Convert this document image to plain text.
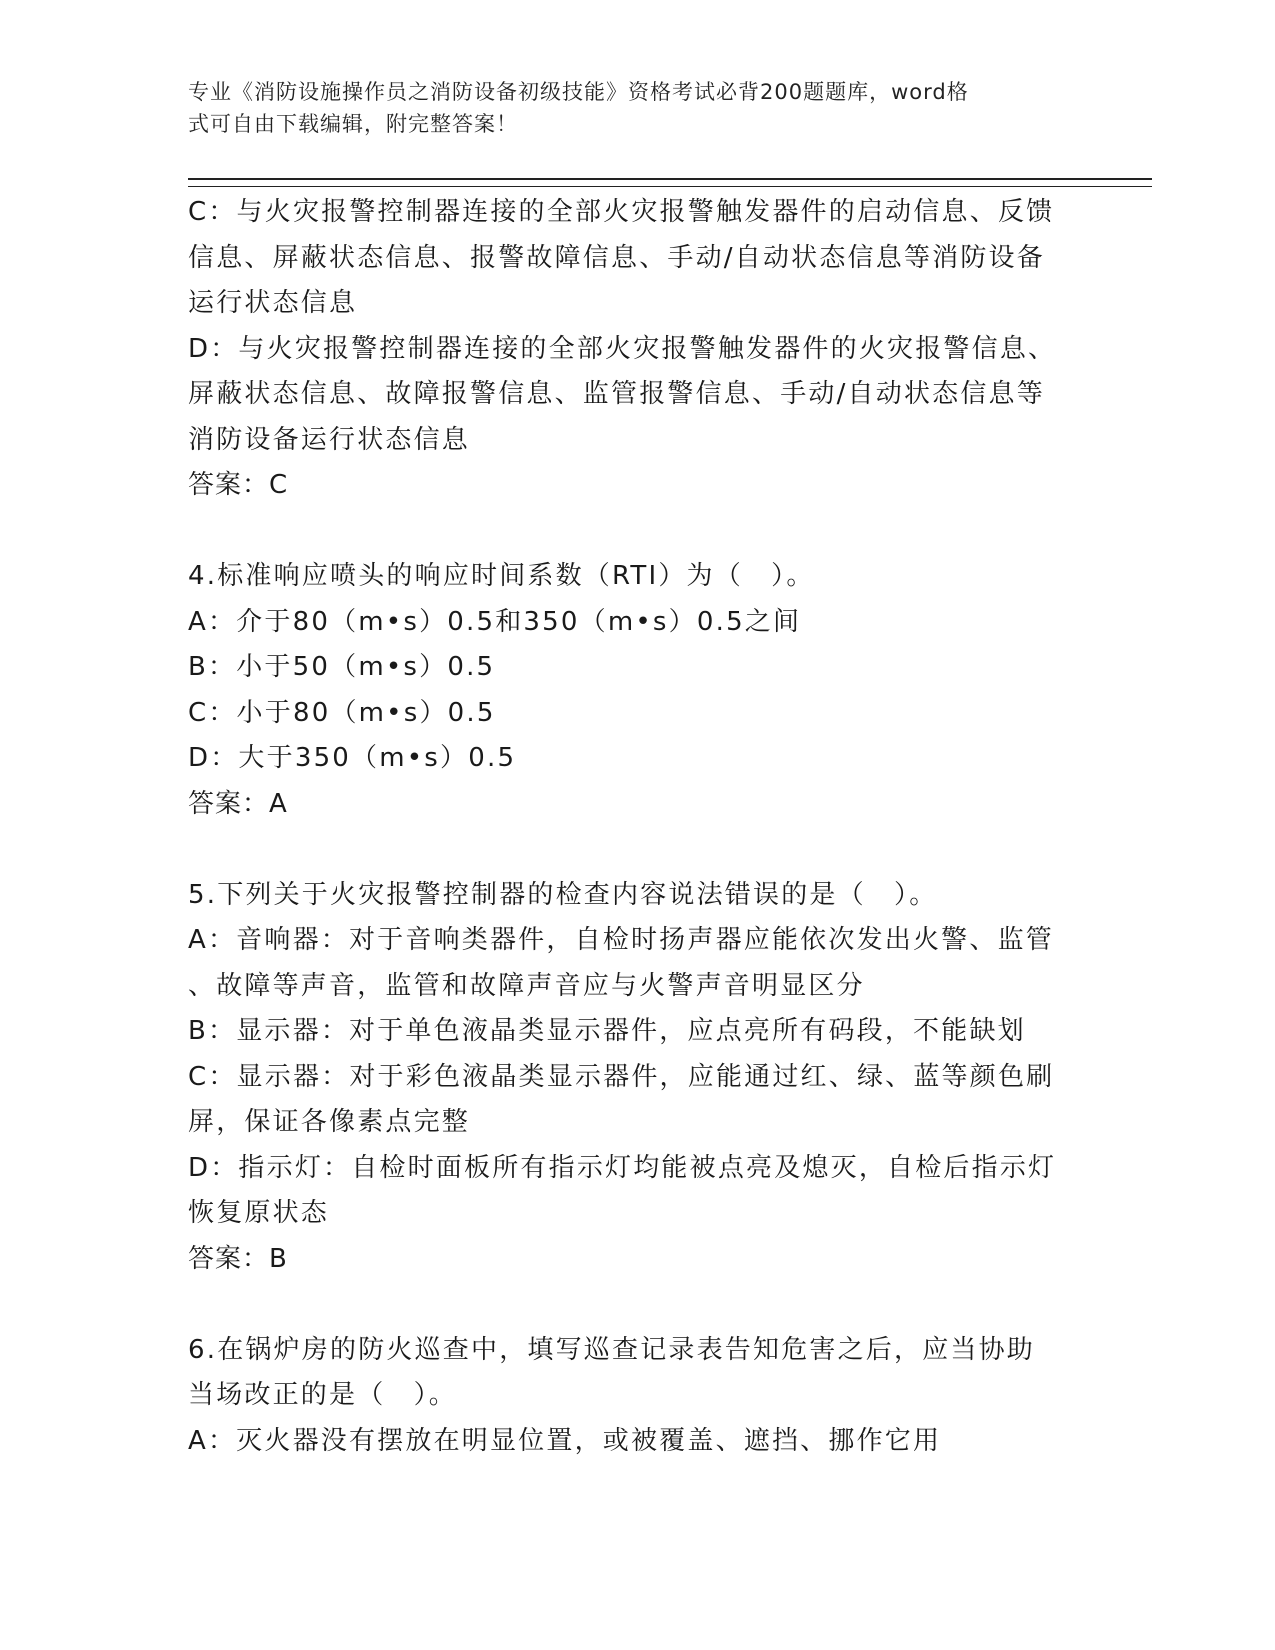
专业《消防设施操作员之消防设备初级技能》资格考试必背200题题库，word格
式可自由下载编辑，附完整答案！
C：与火灾报警控制器连接的全部火灾报警触发器件的启动信息、反馈
信息、屏蔽状态信息、报警故障信息、手动/自动状态信息等消防设备
运行状态信息
D：与火灾报警控制器连接的全部火灾报警触发器件的火灾报警信息、
屏蔽状态信息、故障报警信息、监管报警信息、手动/自动状态信息等
消防设备运行状态信息
答案：C
4.标准响应喷头的响应时间系数（RTI）为（　）。
A：介于80（m•s）0.5和350（m•s）0.5之间
B：小于50（m•s）0.5
C：小于80（m•s）0.5
D：大于350（m•s）0.5
答案：A
5.下列关于火灾报警控制器的检查内容说法错误的是（　）。
A：音响器：对于音响类器件，自检时扬声器应能依次发出火警、监管
、故障等声音，监管和故障声音应与火警声音明显区分
B：显示器：对于单色液晶类显示器件，应点亮所有码段，不能缺划
C：显示器：对于彩色液晶类显示器件，应能通过红、绿、蓝等颜色刷
屏，保证各像素点完整
D：指示灯：自检时面板所有指示灯均能被点亮及熄灭，自检后指示灯
恢复原状态
答案：B
6.在锅炉房的防火巡查中，填写巡查记录表告知危害之后，应当协助
当场改正的是（　）。
A：灭火器没有摆放在明显位置，或被覆盖、遮挡、挪作它用
